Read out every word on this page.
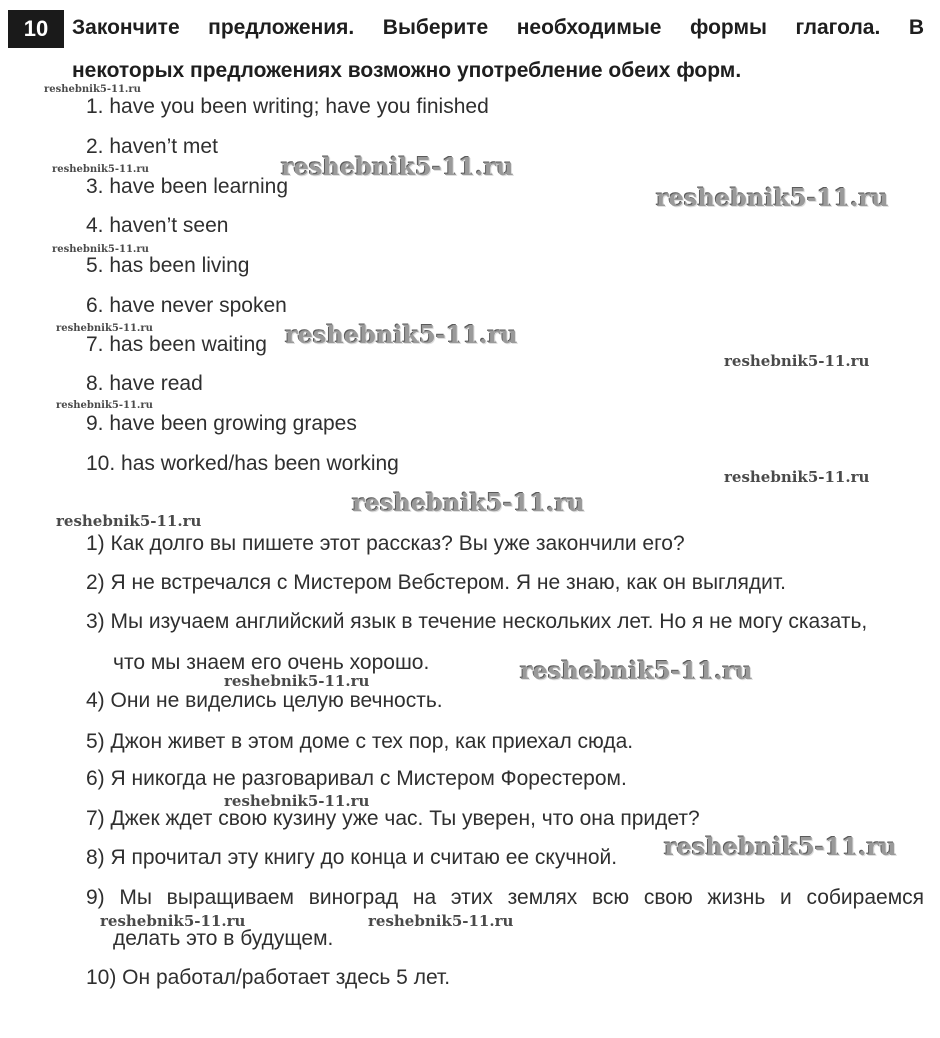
10	Закончите предложения. Выберите необходимые формы глагола. В
некоторых предложениях возможно употребление обеих форм.
1. have you been writing; have you finished
2. haven’t met
3. have been learning
4. haven’t seen
5. has been living
6. have never spoken
7. has been waiting
8. have read
9. have been growing grapes
10. has worked/has been working
1) Как долго вы пишете этот рассказ? Вы уже закончили его?
2) Я не встречался с Мистером Вебстером. Я не знаю, как он выглядит.
3) Мы изучаем английский язык в течение нескольких лет. Но я не могу сказать,
что мы знаем его очень хорошо.
4) Они не виделись целую вечность.
5) Джон живет в этом доме с тех пор, как приехал сюда.
6) Я никогда не разговаривал с Мистером Форестером.
7) Джек ждет свою кузину уже час. Ты уверен, что она придет?
8) Я прочитал эту книгу до конца и считаю ее скучной.
9) Мы выращиваем виноград на этих землях всю свою жизнь и собираемся
делать это в будущем.
10) Он работал/работает здесь 5 лет.
reshebnik5-11.ru
reshebnik5-11.ru
reshebnik5-11.ru
reshebnik5-11.ru
reshebnik5-11.ru
reshebnik5-11.ru
reshebnik5-11.ru
reshebnik5-11.ru
reshebnik5-11.ru
reshebnik5-11.ru
reshebnik5-11.ru
reshebnik5-11.ru
reshebnik5-11.ru
reshebnik5-11.ru
reshebnik5-11.ru
reshebnik5-11.ru
reshebnik5-11.ru	reshebnik5-11.ru
